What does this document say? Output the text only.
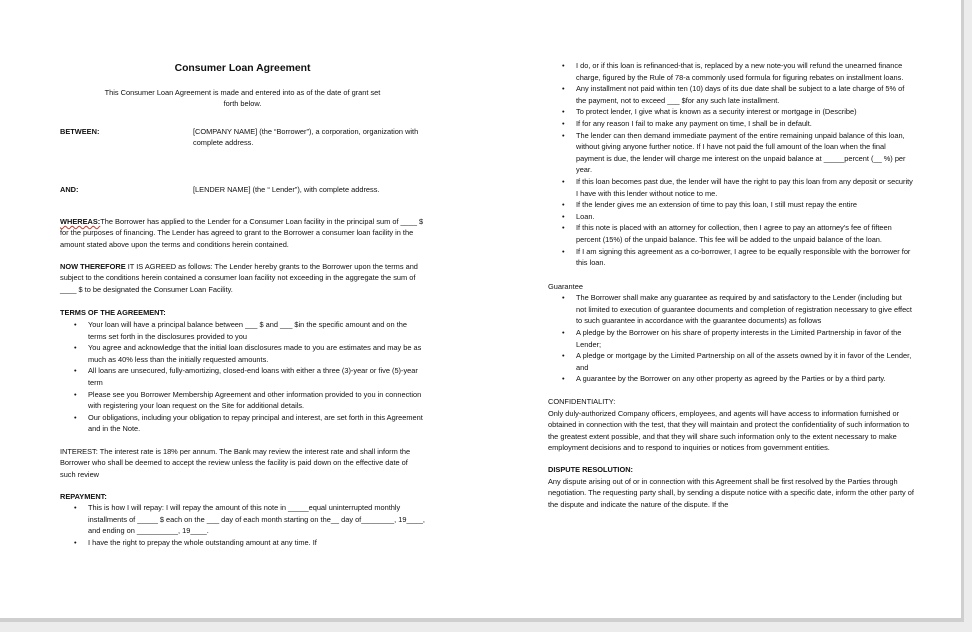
Consumer Loan Agreement

This Consumer Loan Agreement is made and entered into as of the date of grant set forth below.

BETWEEN:	[COMPANY NAME] (the “Borrower”), a corporation, organization with complete address.
AND:	[LENDER NAME] (the “ Lender”), with complete address.

WHEREAS:The Borrower has applied to the Lender for a Consumer Loan facility in the principal sum of ____ $ for the purposes of financing. The Lender has agreed to grant to the Borrower a consumer loan facility in the amount stated above upon the terms and conditions herein contained.

NOW THEREFORE IT IS AGREED as follows: The Lender hereby grants to the Borrower upon the terms and subject to the conditions herein contained a consumer loan facility not exceeding in the aggregate the sum of ____ $ to be designated the Consumer Loan Facility.

TERMS OF THE AGREEMENT:

• Your loan will have a principal balance between ___ $ and ___ $in the specific amount and on the terms set forth in the disclosures provided to you
• You agree and acknowledge that the initial loan disclosures made to you are estimates and may be as much as 40% less than the initially requested amounts.
• All loans are unsecured, fully-amortizing, closed-end loans with either a three (3)-year or five (5)-year term
• Please see you Borrower Membership Agreement and other information provided to you in connection with registering your loan request on the Site for additional details.
• Our obligations, including your obligation to repay principal and interest, are set forth in this Agreement and in the Note.

INTEREST: The interest rate is 18% per annum. The Bank may review the interest rate and shall inform the Borrower who shall be deemed to accept the review unless the facility is paid down on the effective date of such review

REPAYMENT:

• This is how I will repay: I will repay the amount of this note in _____equal uninterrupted monthly installments of _____ $ each on the ___ day of each month starting on the__ day of________, 19____, and ending on __________, 19____.
• I have the right to prepay the whole outstanding amount at any time. If
• I do, or if this loan is refinanced-that is, replaced by a new note-you will refund the unearned finance charge, figured by the Rule of 78-a commonly used formula for figuring rebates on installment loans.
• Any installment not paid within ten (10) days of its due date shall be subject to a late charge of 5% of the payment, not to exceed ___ $for any such late installment.
• To protect lender, I give what is known as a security interest or mortgage in (Describe)
• If for any reason I fail to make any payment on time, I shall be in default.
• The lender can then demand immediate payment of the entire remaining unpaid balance of this loan, without giving anyone further notice. If I have not paid the full amount of the loan when the final payment is due, the lender will charge me interest on the unpaid balance at _____percent (__ %) per year.
• If this loan becomes past due, the lender will have the right to pay this loan from any deposit or security I have with this lender without notice to me.
• If the lender gives me an extension of time to pay this loan, I still must repay the entire
• Loan.
• If this note is placed with an attorney for collection, then I agree to pay an attorney's fee of fifteen percent (15%) of the unpaid balance. This fee will be added to the unpaid balance of the loan.
• If I am signing this agreement as a co-borrower, I agree to be equally responsible with the borrower for this loan.

Guarantee

• The Borrower shall make any guarantee as required by and satisfactory to the Lender (including but not limited to execution of guarantee documents and completion of registration necessary to give effect to such guarantee in accordance with the guarantee documents) as follows
• A pledge by the Borrower on his share of property interests in the Limited Partnership in favor of the Lender;
• A pledge or mortgage by the Limited Partnership on all of the assets owned by it in favor of the Lender, and
• A guarantee by the Borrower on any other property as agreed by the Parties or by a third party.

CONFIDENTIALITY:

Only duly-authorized Company officers, employees, and agents will have access to information furnished or obtained in connection with the test, that they will maintain and protect the confidentiality of such information to the greatest extent possible, and that they will share such information only to the extent necessary to make employment decisions and to respond to inquiries or notices from government entities.

DISPUTE RESOLUTION:

Any dispute arising out of or in connection with this Agreement shall be first resolved by the Parties through negotiation. The requesting party shall, by sending a dispute notice with a specific date, inform the other party of the dispute and indicate the nature of the dispute. If the
